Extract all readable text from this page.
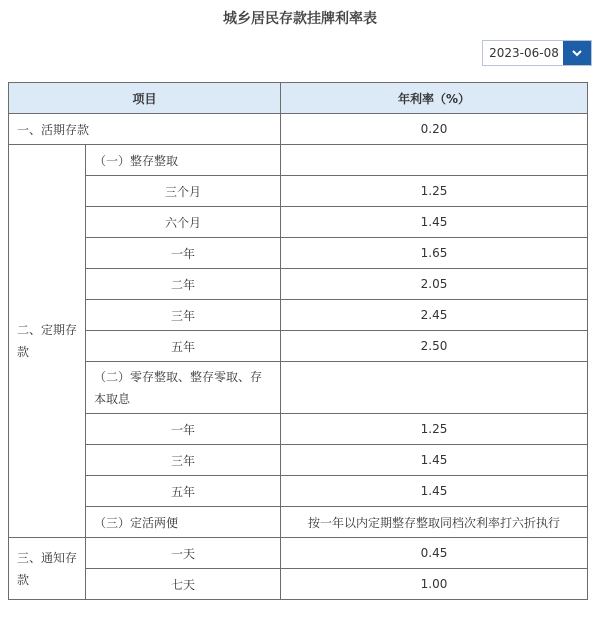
城乡居民存款挂牌利率表
2023-06-08
项目		年利率（%）
一、活期存款		0.20
二、定期存款	（一）整存整取	
	三个月	1.25
	六个月	1.45
	一年	1.65
	二年	2.05
	三年	2.45
	五年	2.50
	（二）零存整取、整存零取、存本取息	
	一年	1.25
	三年	1.45
	五年	1.45
	（三）定活两便	按一年以内定期整存整取同档次利率打六折执行
三、通知存款	一天	0.45
	七天	1.00
